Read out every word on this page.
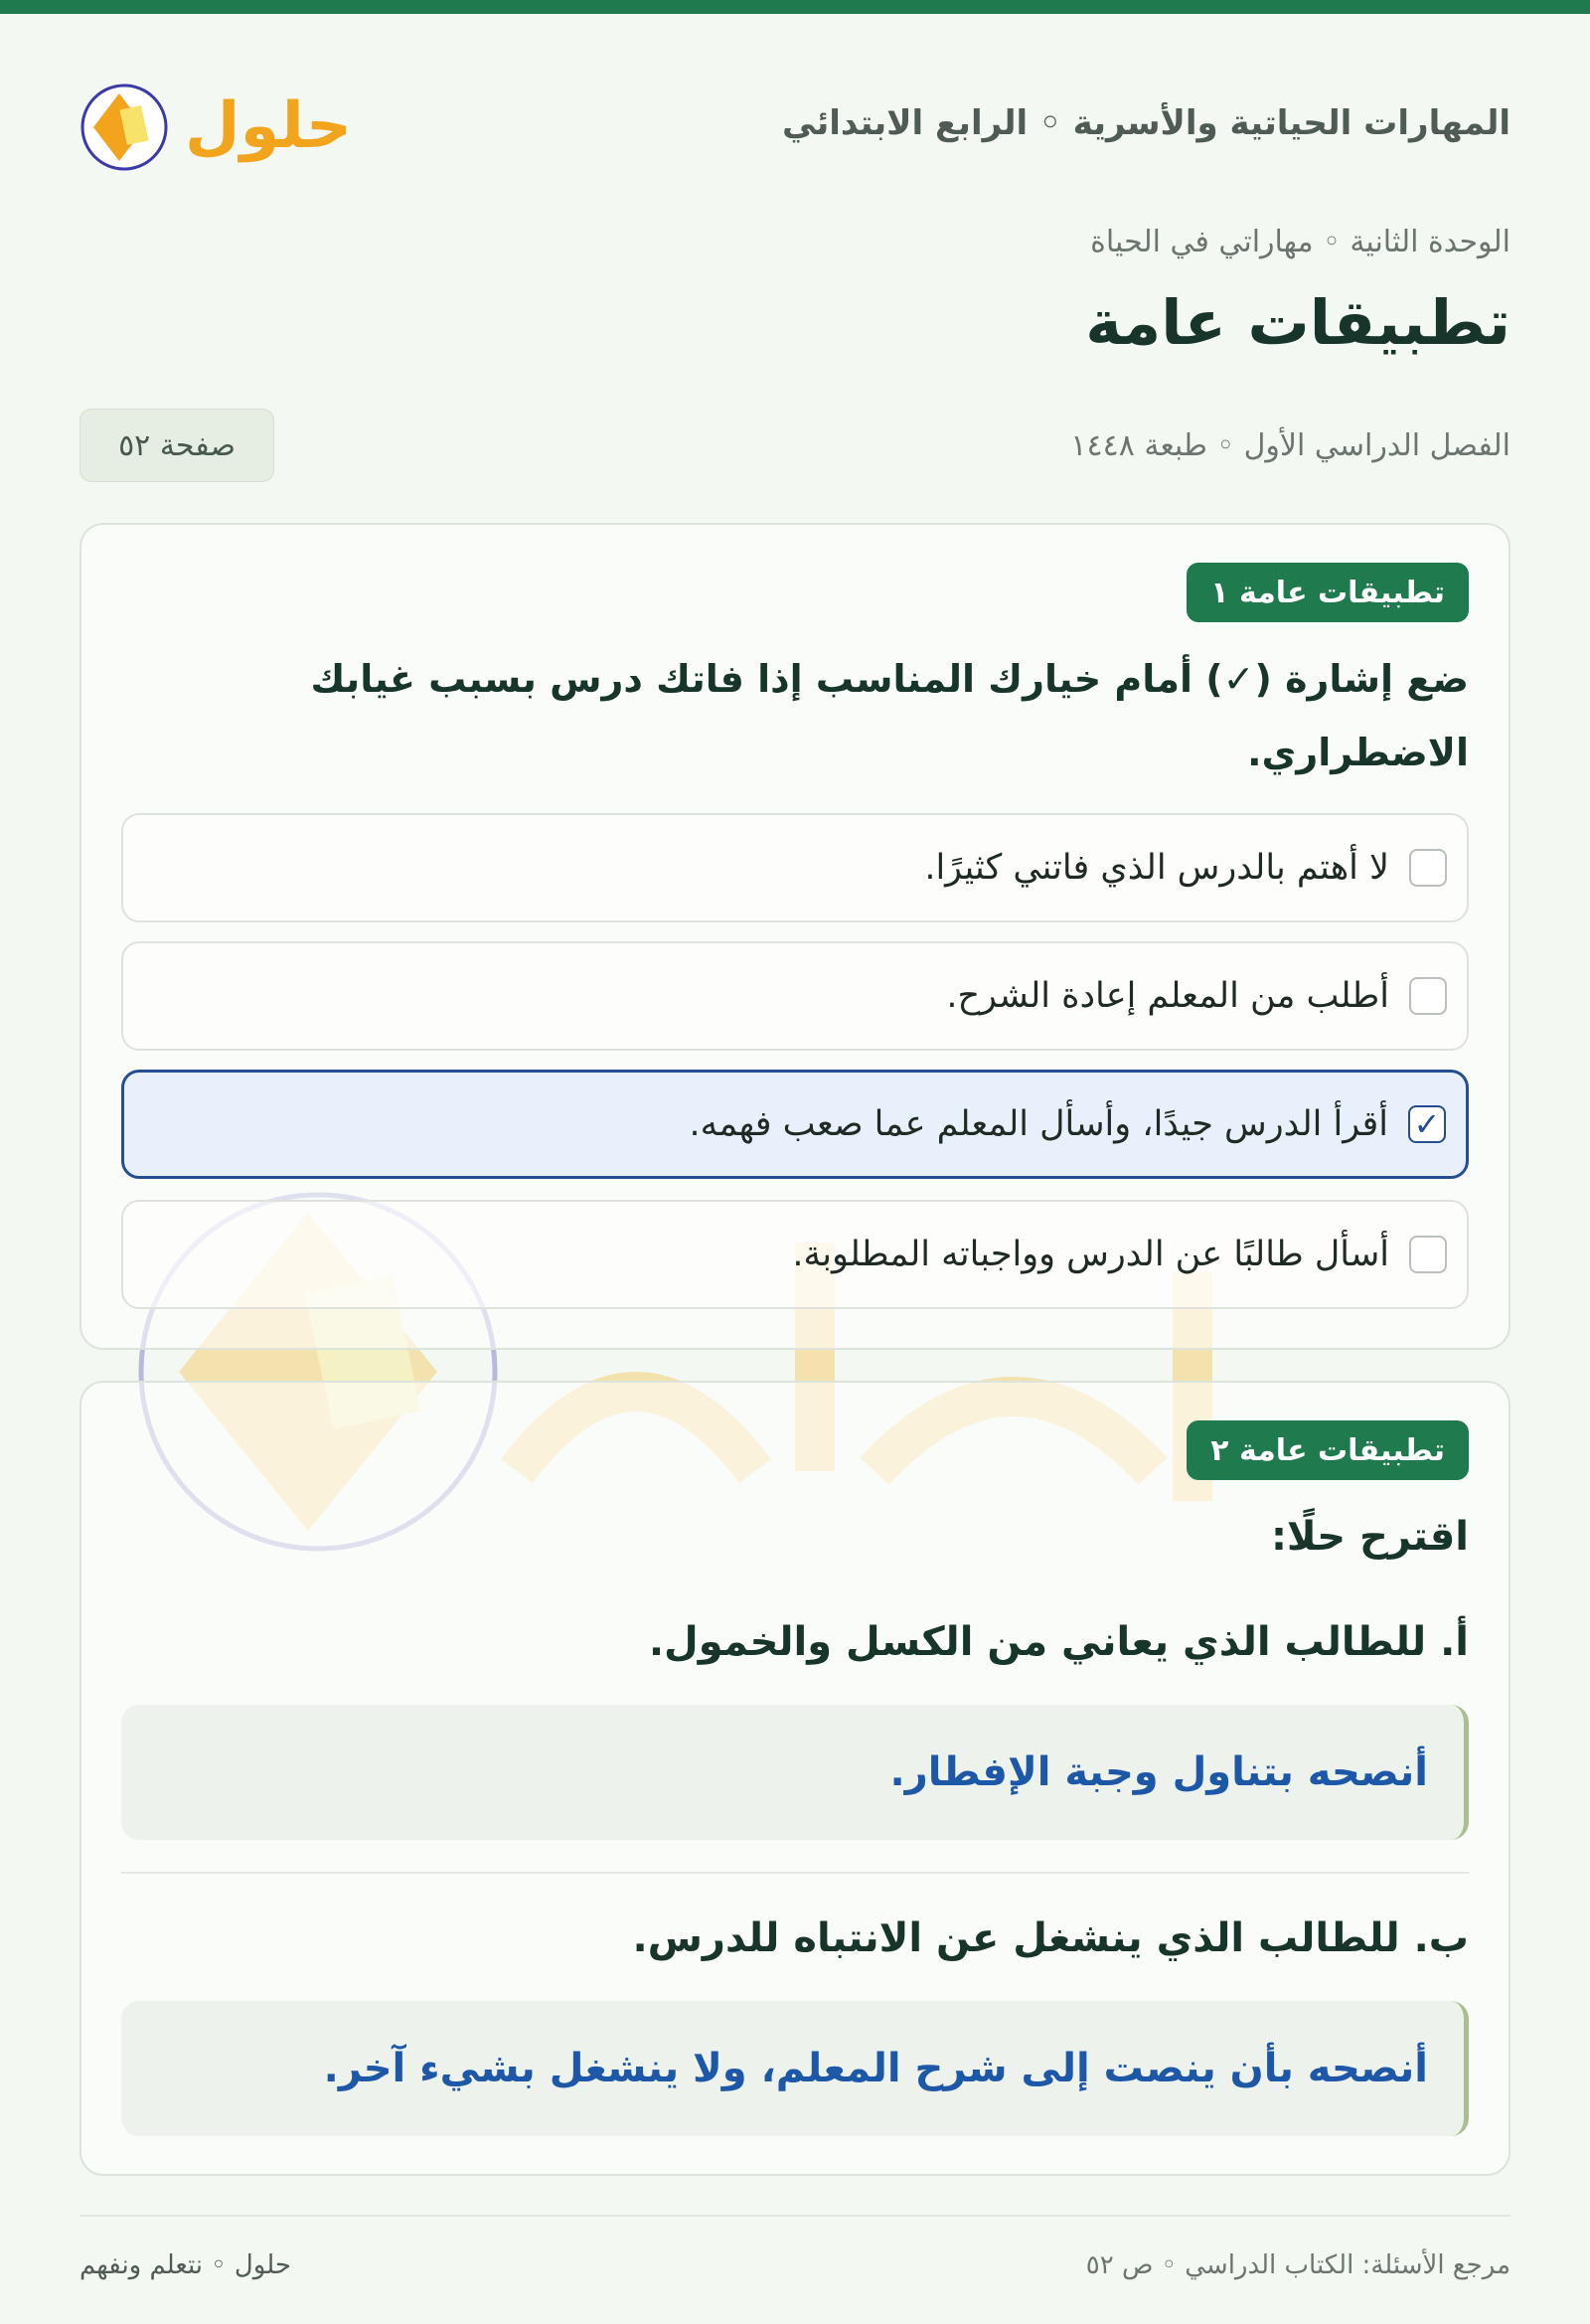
المهارات الحياتية والأسرية ◦ الرابع الابتدائي
حلول
الوحدة الثانية ◦ مهاراتي في الحياة
تطبيقات عامة
الفصل الدراسي الأول ◦ طبعة ١٤٤٨
صفحة ٥٢
تطبيقات عامة ١

ضع إشارة (✓) أمام خيارك المناسب إذا فاتك درس بسبب غيابك الاضطراري.

لا أهتم بالدرس الذي فاتني كثيرًا.
أطلب من المعلم إعادة الشرح.
✓
أقرأ الدرس جيدًا، وأسأل المعلم عما صعب فهمه.
أسأل طالبًا عن الدرس وواجباته المطلوبة.
تطبيقات عامة ٢
اقترح حلًا:
أ. للطالب الذي يعاني من الكسل والخمول.
أنصحه بتناول وجبة الإفطار.
ب. للطالب الذي ينشغل عن الانتباه للدرس.
أنصحه بأن ينصت إلى شرح المعلم، ولا ينشغل بشيء آخر.
مرجع الأسئلة: الكتاب الدراسي ◦ ص ٥٢
حلول ◦ نتعلم ونفهم
